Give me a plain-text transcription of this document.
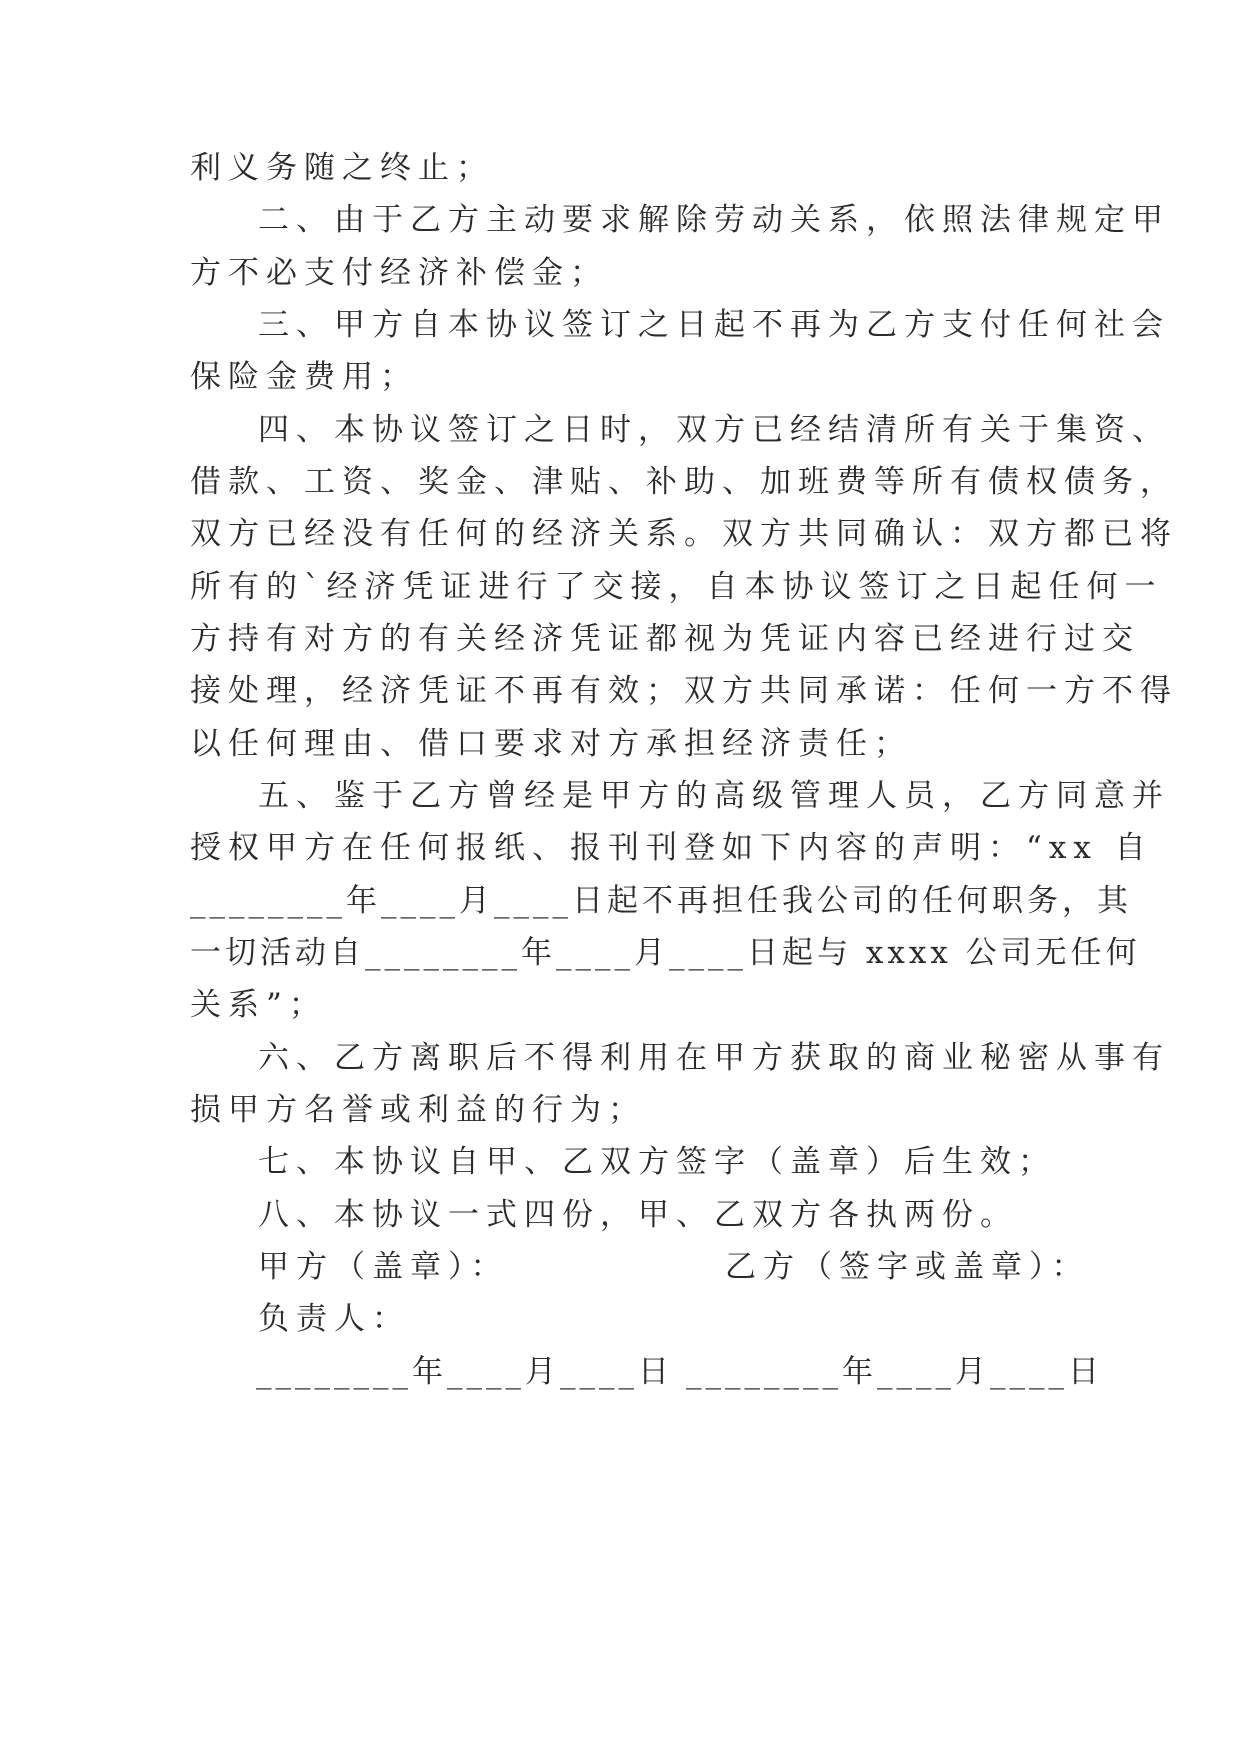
利义务随之终止；
二、由于乙方主动要求解除劳动关系，依照法律规定甲
方不必支付经济补偿金；
三、甲方自本协议签订之日起不再为乙方支付任何社会
保险金费用；
四、本协议签订之日时，双方已经结清所有关于集资、
借款、工资、奖金、津贴、补助、加班费等所有债权债务，
双方已经没有任何的经济关系。双方共同确认：双方都已将
所有的`经济凭证进行了交接，自本协议签订之日起任何一
方持有对方的有关经济凭证都视为凭证内容已经进行过交
接处理，经济凭证不再有效；双方共同承诺：任何一方不得
以任何理由、借口要求对方承担经济责任；
五、鉴于乙方曾经是甲方的高级管理人员，乙方同意并
授权甲方在任何报纸、报刊刊登如下内容的声明：“xx 自
________年____月____日起不再担任我公司的任何职务，其
一切活动自________年____月____日起与 xxxx 公司无任何
关系”；
六、乙方离职后不得利用在甲方获取的商业秘密从事有
损甲方名誉或利益的行为；
七、本协议自甲、乙双方签字（盖章）后生效；
八、本协议一式四份，甲、乙双方各执两份。
甲方（盖章）：	乙方（签字或盖章）：
负责人：
________年____月____日 ________年____月____日
